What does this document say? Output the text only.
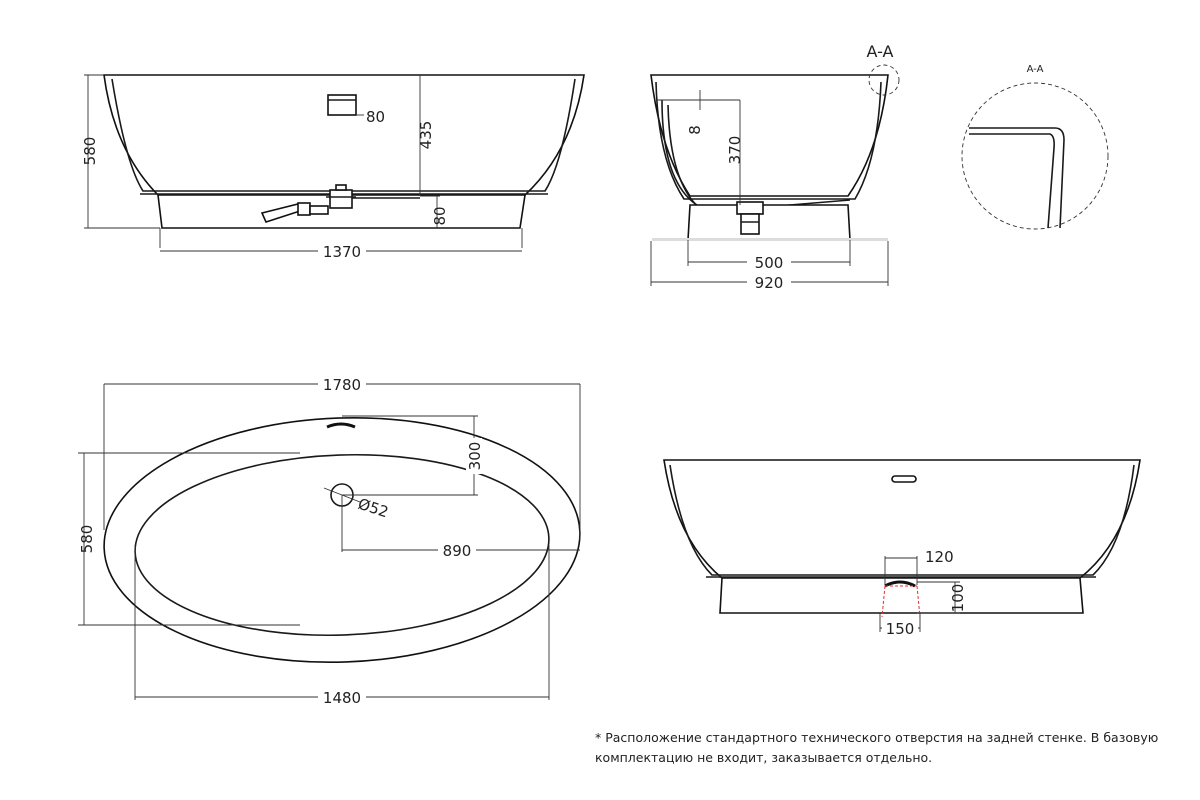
580
80
435
80
1370
8
370
A-A
500
920
A-A
Ø52
1780
580
300
890
1480
120
100
150
* Расположение стандартного технического отверстия на задней стенке. В базовую комплектацию не входит, заказывается отдельно.
